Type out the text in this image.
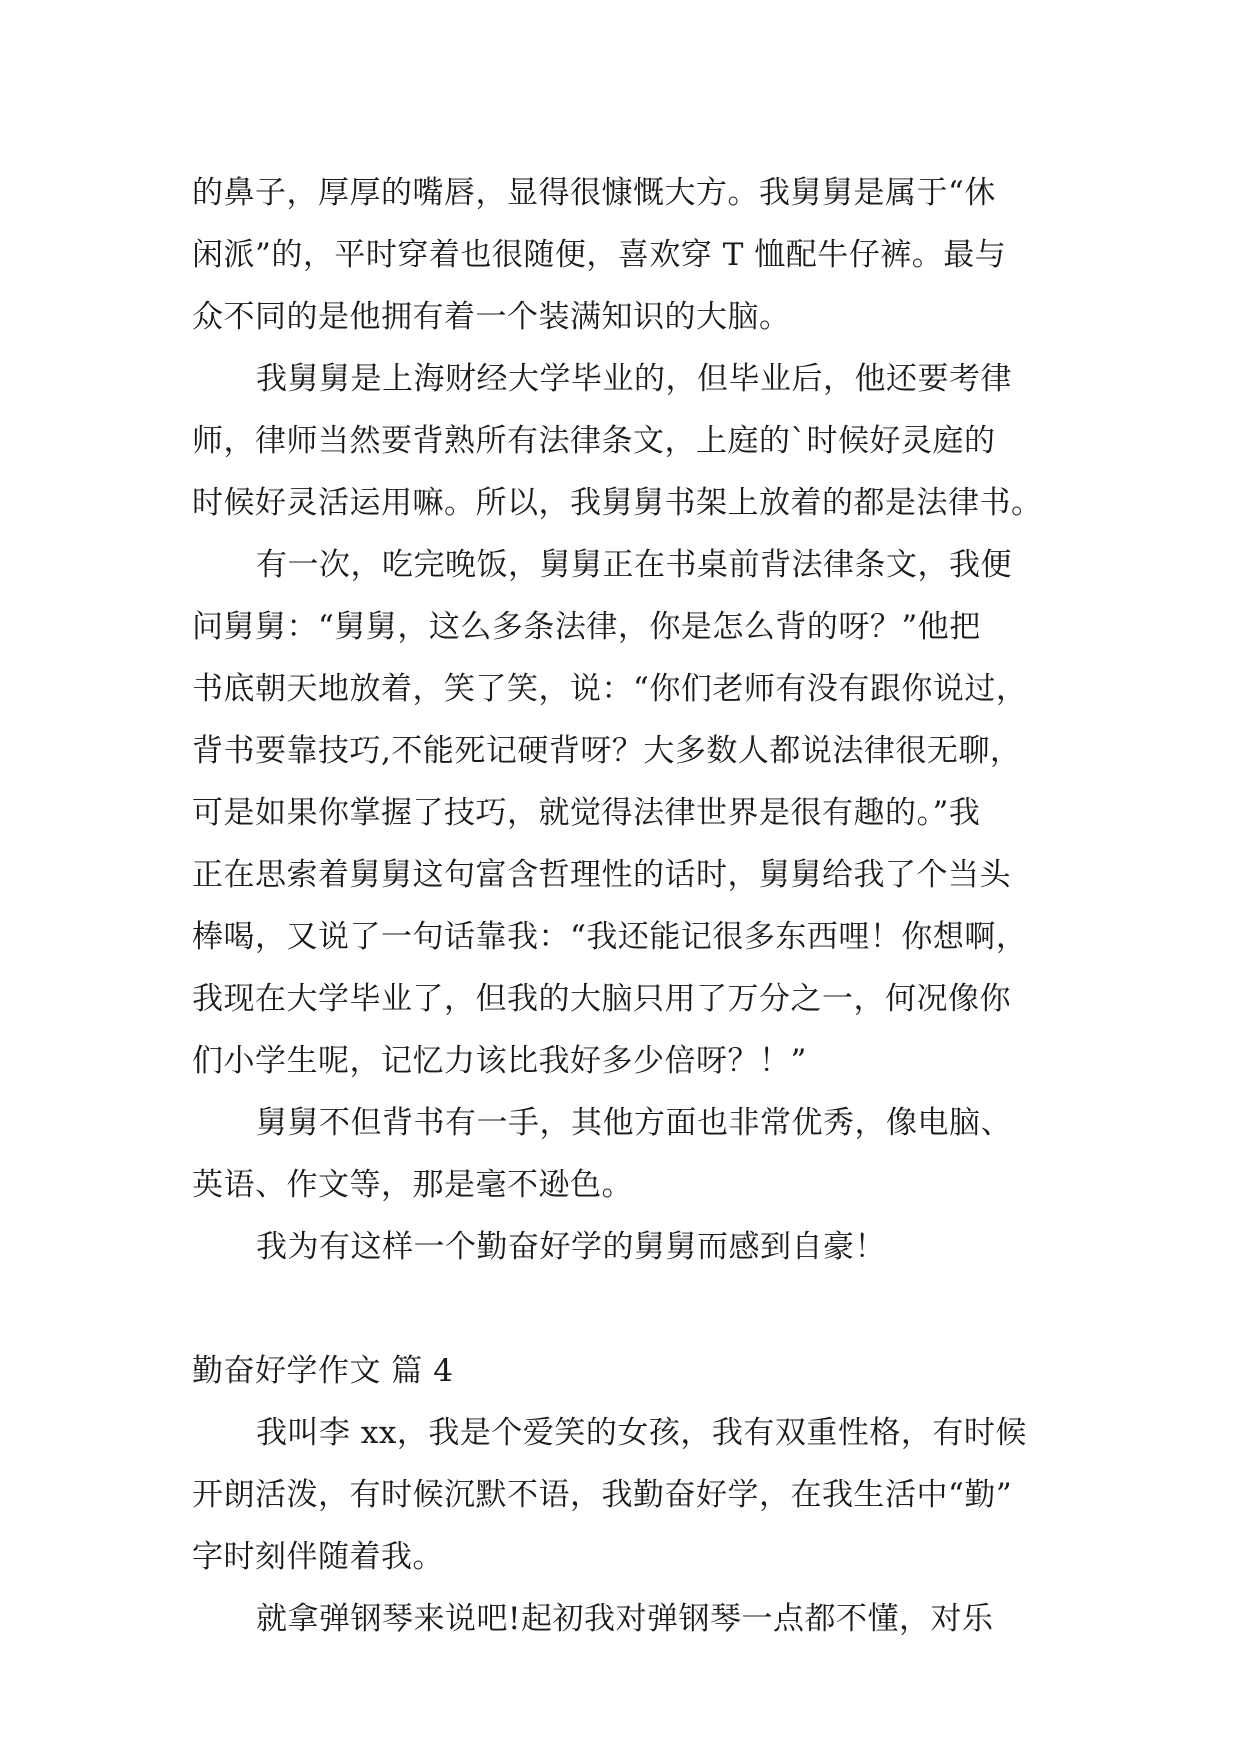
的鼻子，厚厚的嘴唇，显得很慷慨大方。我舅舅是属于“休
闲派”的，平时穿着也很随便，喜欢穿 T 恤配牛仔裤。最与
众不同的是他拥有着一个装满知识的大脑。
我舅舅是上海财经大学毕业的，但毕业后，他还要考律
师，律师当然要背熟所有法律条文，上庭的`时候好灵庭的
时候好灵活运用嘛。所以，我舅舅书架上放着的都是法律书。
有一次，吃完晚饭，舅舅正在书桌前背法律条文，我便
问舅舅：“舅舅，这么多条法律，你是怎么背的呀？”他把
书底朝天地放着，笑了笑，说：“你们老师有没有跟你说过，
背书要靠技巧,不能死记硬背呀？大多数人都说法律很无聊，
可是如果你掌握了技巧，就觉得法律世界是很有趣的。”我
正在思索着舅舅这句富含哲理性的话时，舅舅给我了个当头
棒喝，又说了一句话靠我：“我还能记很多东西哩！你想啊，
我现在大学毕业了，但我的大脑只用了万分之一，何况像你
们小学生呢，记忆力该比我好多少倍呀？！”
舅舅不但背书有一手，其他方面也非常优秀，像电脑、
英语、作文等，那是毫不逊色。
我为有这样一个勤奋好学的舅舅而感到自豪！
勤奋好学作文 篇 4
我叫李 xx，我是个爱笑的女孩，我有双重性格，有时候
开朗活泼，有时候沉默不语，我勤奋好学，在我生活中“勤”
字时刻伴随着我。
就拿弹钢琴来说吧!起初我对弹钢琴一点都不懂，对乐
